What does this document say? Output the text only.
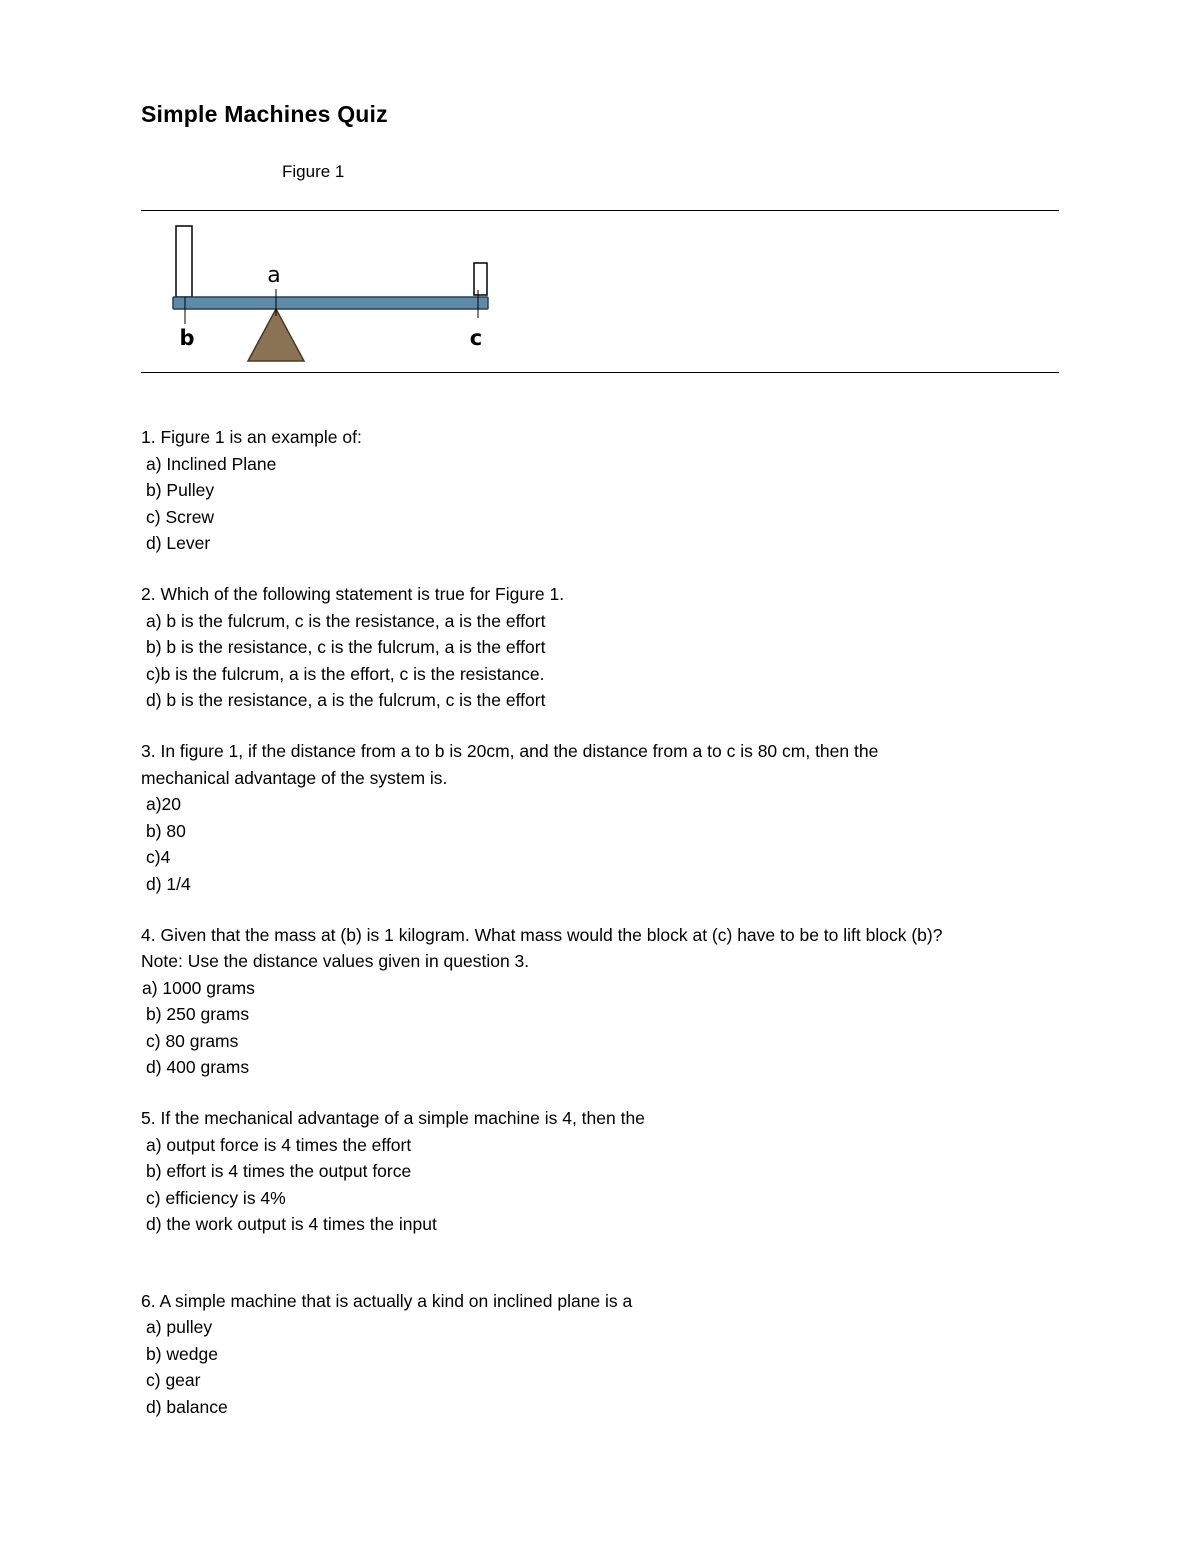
Simple Machines Quiz
Figure 1
a
b	c
1. Figure 1 is an example of:
a) Inclined Plane
b) Pulley
c) Screw
d) Lever
2. Which of the following statement is true for Figure 1.
a) b is the fulcrum, c is the resistance, a is the effort
b) b is the resistance, c is the fulcrum, a is the effort
c)b is the fulcrum, a is the effort, c is the resistance.
d) b is the resistance, a is the fulcrum, c is the effort
3. In figure 1, if the distance from a to b is 20cm, and the distance from a to c is 80 cm, then the
mechanical advantage of the system is.
a)20
b) 80
c)4
d) 1/4
4. Given that the mass at (b) is 1 kilogram. What mass would the block at (c) have to be to lift block (b)?
Note: Use the distance values given in question 3.
a) 1000 grams
b) 250 grams
c) 80 grams
d) 400 grams
5. If the mechanical advantage of a simple machine is 4, then the
a) output force is 4 times the effort
b) effort is 4 times the output force
c) efficiency is 4%
d) the work output is 4 times the input
6. A simple machine that is actually a kind on inclined plane is a
a) pulley
b) wedge
c) gear
d) balance
